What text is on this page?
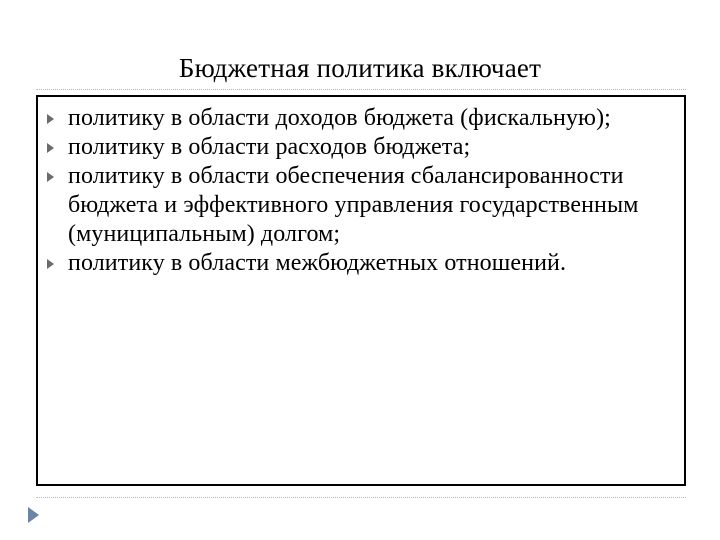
Бюджетная политика включает
политику в области доходов бюджета (фискальную);
политику в области расходов бюджета;
политику в области обеспечения сбалансированности бюджета и эффективного управления государственным (муниципальным) долгом;
политику в области межбюджетных отношений.
